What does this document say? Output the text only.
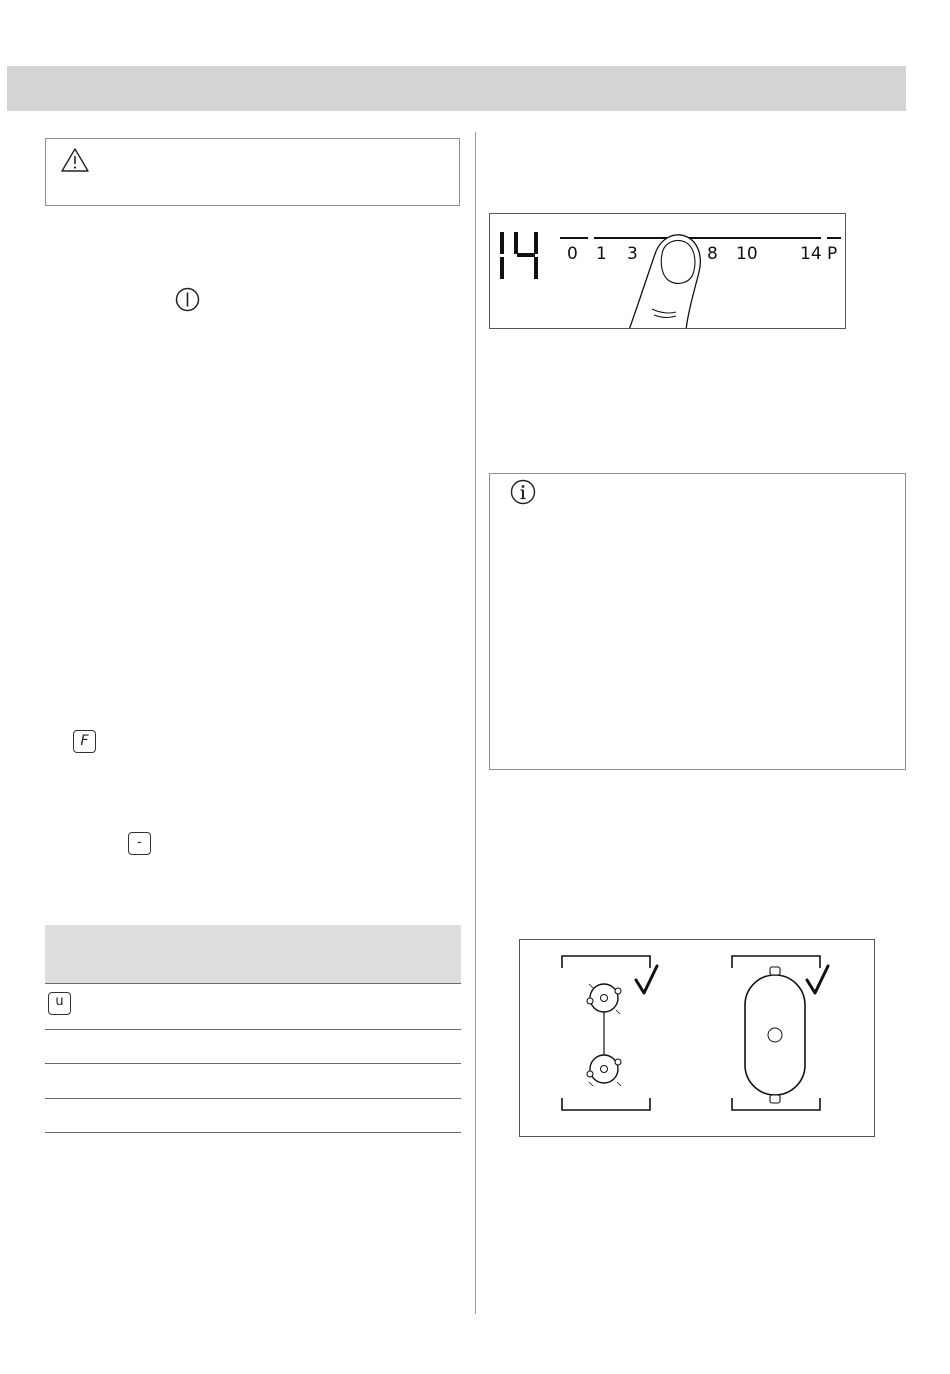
F
-
u
0 1 3	8 10 14 P
